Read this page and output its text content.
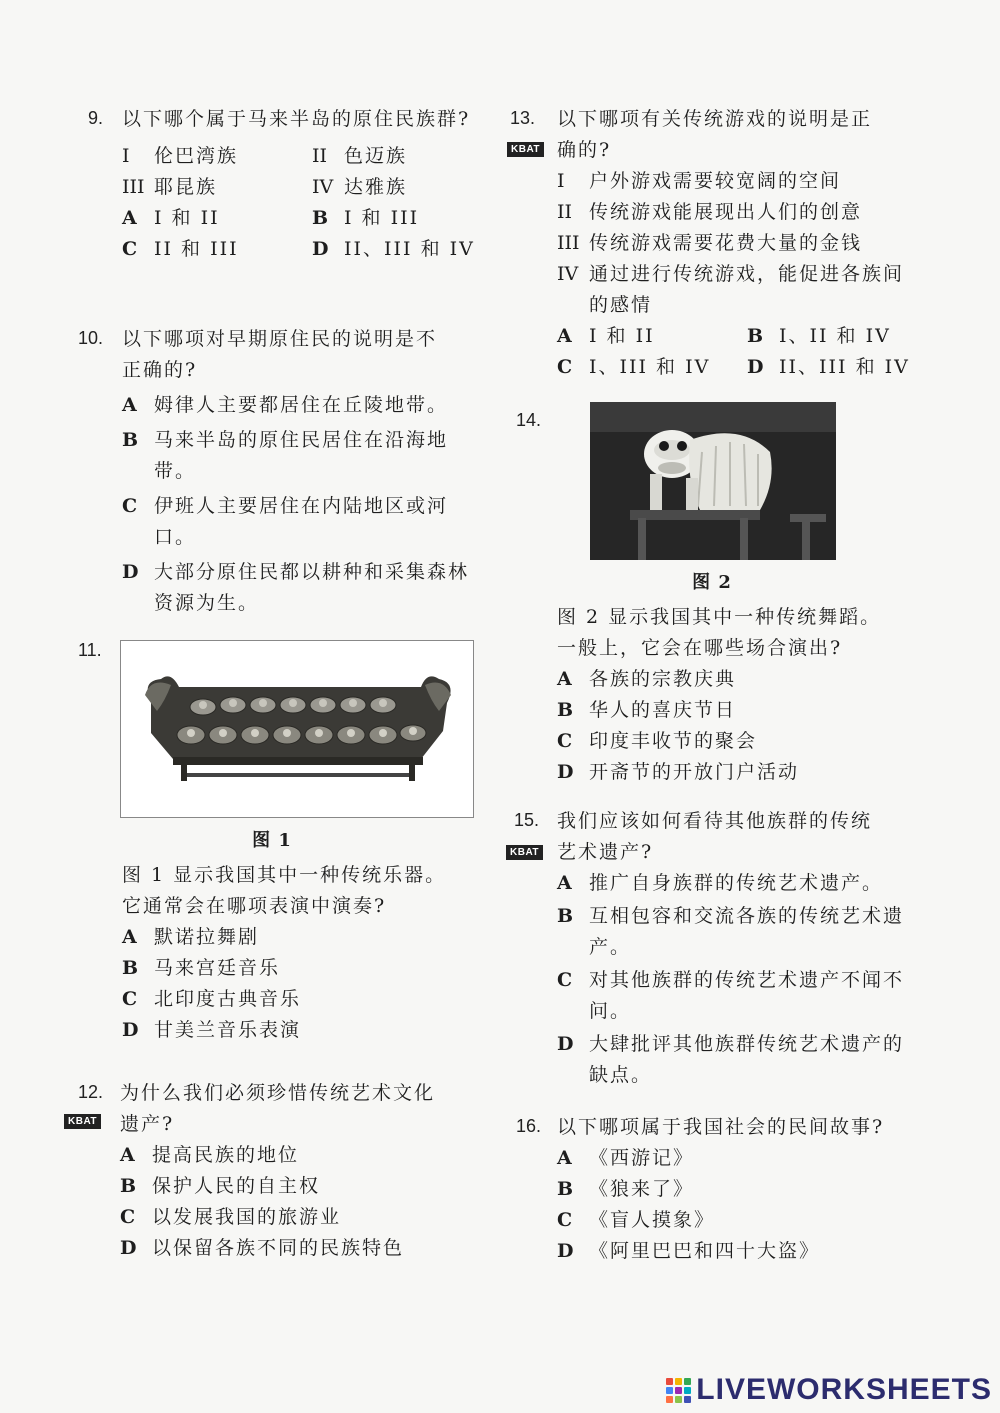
9. 以下哪个属于马来半岛的原住民族群?
I	伦巴湾族	II 色迈族
III 耶昆族	IV 达雅族
A I 和 II	B I 和 III
C II 和 III	D II、III 和 IV
10. 以下哪项对早期原住民的说明是不
正确的?
A 姆律人主要都居住在丘陵地带。
B 马来半岛的原住民居住在沿海地带。
C 伊班人主要居住在内陆地区或河口。
D 大部分原住民都以耕种和采集森林资源为生。
11.
图 1
图 1 显示我国其中一种传统乐器。
它通常会在哪项表演中演奏?
A 默诺拉舞剧
B 马来宫廷音乐
C 北印度古典音乐
D 甘美兰音乐表演
12.
KBAT
为什么我们必须珍惜传统艺术文化
遗产?
A 提高民族的地位
B 保护人民的自主权
C 以发展我国的旅游业
D 以保留各族不同的民族特色
13.
KBAT
以下哪项有关传统游戏的说明是正
确的?
I	户外游戏需要较宽阔的空间
II 传统游戏能展现出人们的创意
III 传统游戏需要花费大量的金钱
IV 通过进行传统游戏，能促进各族间的感情
A I 和 II	B I、II 和 IV
C I、III 和 IV	D II、III 和 IV
14.
图 2
图 2 显示我国其中一种传统舞蹈。
一般上，它会在哪些场合演出?
A 各族的宗教庆典
B 华人的喜庆节日
C 印度丰收节的聚会
D 开斋节的开放门户活动
15.
KBAT
我们应该如何看待其他族群的传统
艺术遗产?
A 推广自身族群的传统艺术遗产。
B 互相包容和交流各族的传统艺术遗产。
C 对其他族群的传统艺术遗产不闻不问。
D 大肆批评其他族群传统艺术遗产的缺点。
16. 以下哪项属于我国社会的民间故事?
A 《西游记》
B 《狼来了》
C 《盲人摸象》
D 《阿里巴巴和四十大盗》
LIVEWORKSHEETS
